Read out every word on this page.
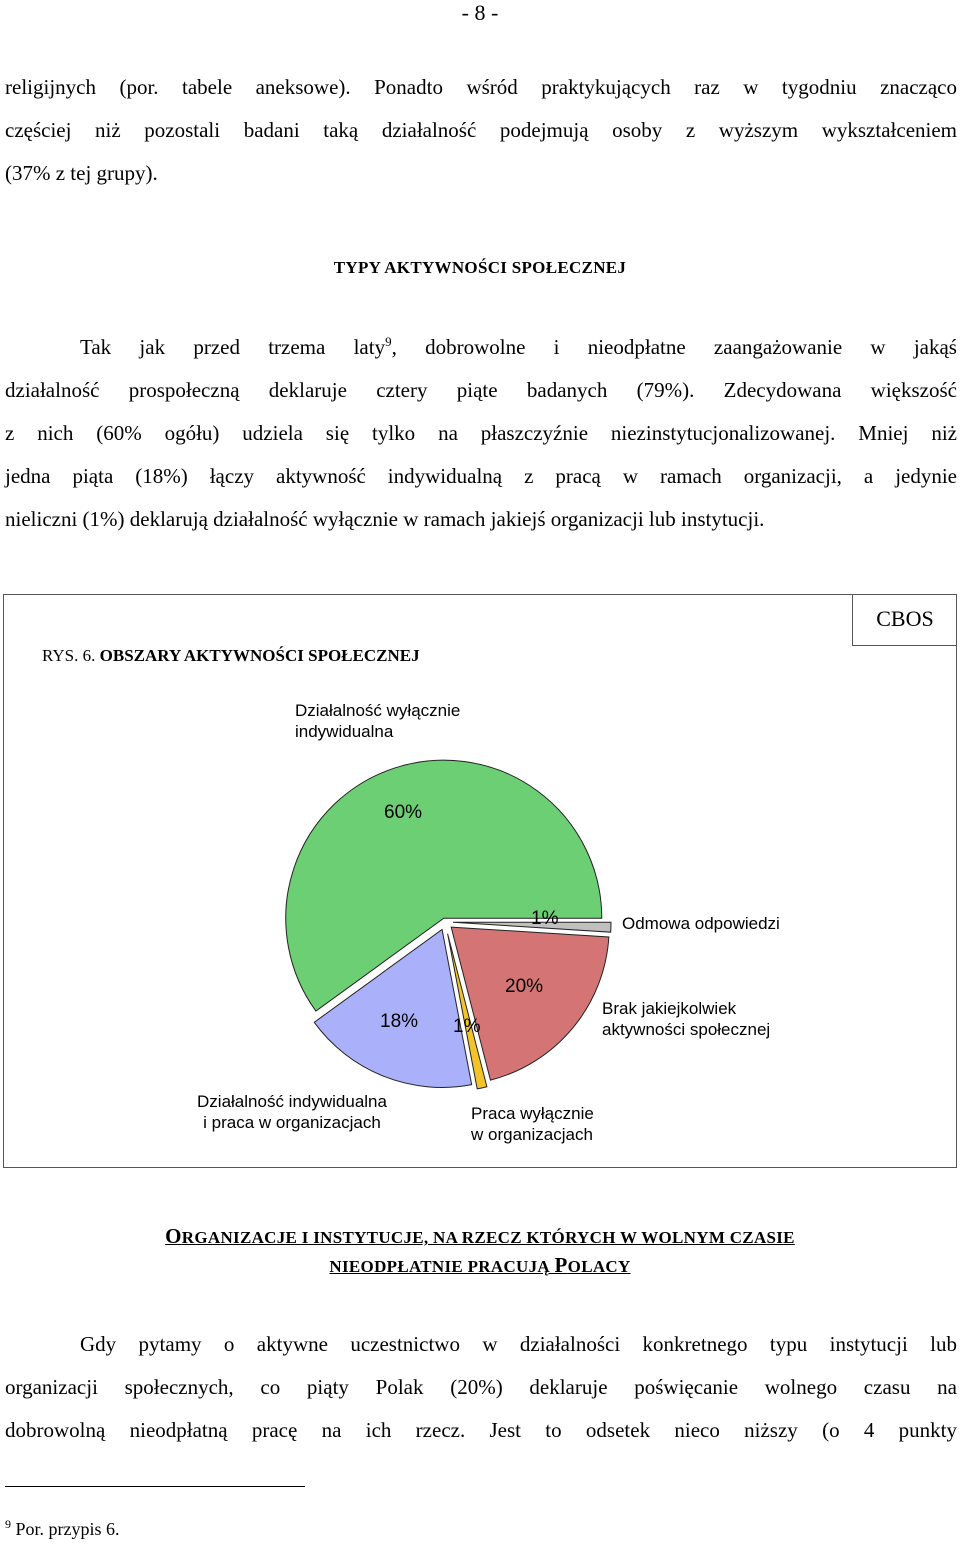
- 8 -
religijnych (por. tabele aneksowe). Ponadto wśród praktykujących raz w tygodniu znacząco
częściej niż pozostali badani taką działalność podejmują osoby z wyższym wykształceniem
(37% z tej grupy).
TYPY AKTYWNOŚCI SPOŁECZNEJ
Tak jak przed trzema laty$^9$, dobrowolne i nieodpłatne zaangażowanie w jakąś
działalność prospołeczną deklaruje cztery piąte badanych (79%). Zdecydowana większość
z nich (60% ogółu) udziela się tylko na płaszczyźnie niezinstytucjonalizowanej. Mniej niż
jedna piąta (18%) łączy aktywność indywidualną z pracą w ramach organizacji, a jedynie
nieliczni (1%) deklarują działalność wyłącznie w ramach jakiejś organizacji lub instytucji.
CBOS
RYS. 6. OBSZARY AKTYWNOŚCI SPOŁECZNEJ
Działalność wyłącznie
indywidualna
60%
1%	Odmowa odpowiedzi
20%
Brak jakiejkolwiek
aktywności społecznej
1%
Praca wyłącznie
w organizacjach
18%
Działalność indywidualna
i praca w organizacjach
ORGANIZACJE I INSTYTUCJE, NA RZECZ KTÓRYCH W WOLNYM CZASIE
NIEODPŁATNIE PRACUJĄ POLACY
Gdy pytamy o aktywne uczestnictwo w działalności konkretnego typu instytucji lub
organizacji społecznych, co piąty Polak (20%) deklaruje poświęcanie wolnego czasu na
dobrowolną nieodpłatną pracę na ich rzecz. Jest to odsetek nieco niższy (o 4 punkty
$^9$ Por. przypis 6.
